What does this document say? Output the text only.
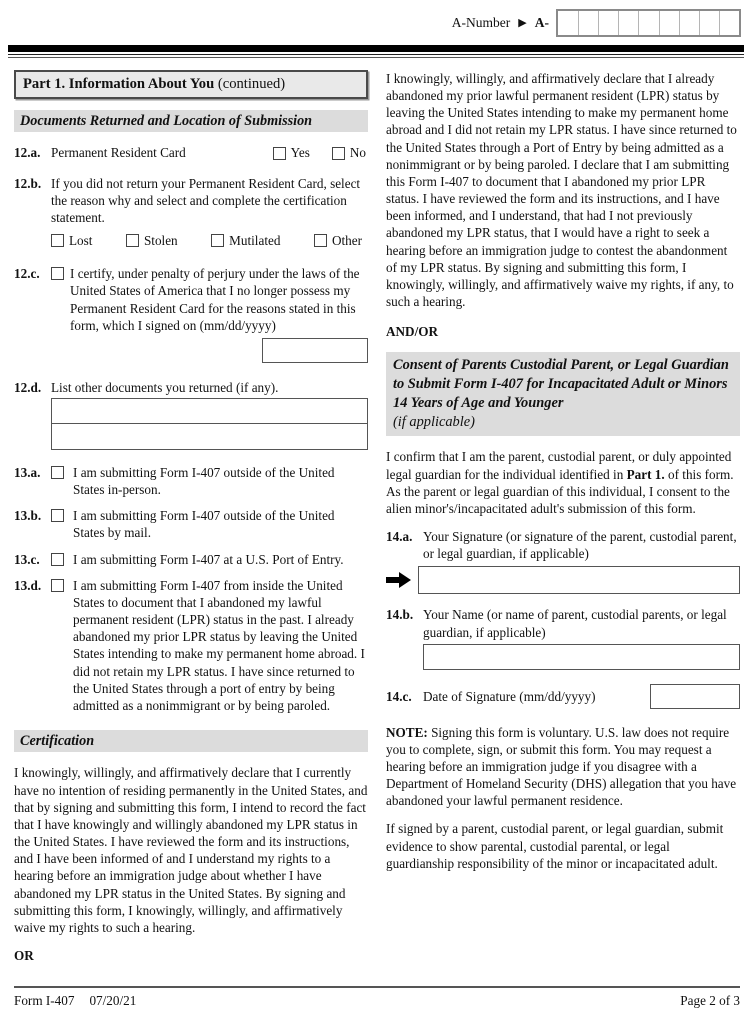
A-Number ▶ A-
Part 1. Information About You (continued)
Documents Returned and Location of Submission
12.a. Permanent Resident Card	Yes	No
12.b. If you did not return your Permanent Resident Card, select the reason why and select and complete the certification statement.
Lost	Stolen	Mutilated	Other
12.c.	I certify, under penalty of perjury under the laws of the United States of America that I no longer possess my Permanent Resident Card for the reasons stated in this form, which I signed on (mm/dd/yyyy)
12.d. List other documents you returned (if any).
13.a.	I am submitting Form I-407 outside of the United States in-person.
13.b.	I am submitting Form I-407 outside of the United States by mail.
13.c.	I am submitting Form I-407 at a U.S. Port of Entry.
13.d.	I am submitting Form I-407 from inside the United States to document that I abandoned my lawful permanent resident (LPR) status in the past. I already abandoned my prior LPR status by leaving the United States intending to make my permanent home abroad. I did not retain my LPR status. I have since returned to the United States through a port of entry by being admitted as a nonimmigrant or by being paroled.
Certification

I knowingly, willingly, and affirmatively declare that I currently have no intention of residing permanently in the United States, and that by signing and submitting this form, I intend to record the fact that I have knowingly and willingly abandoned my LPR status in the United States. I have reviewed the form and its instructions, and I have been informed of and I understand my rights to a hearing before an immigration judge about whether I have abandoned my LPR status in the United States. By signing and submitting this form, I knowingly, willingly, and affirmatively waive my rights to such a hearing.

OR

I knowingly, willingly, and affirmatively declare that I already abandoned my prior lawful permanent resident (LPR) status by leaving the United States intending to make my permanent home abroad and I did not retain my LPR status. I have since returned to the United States through a Port of Entry by being admitted as a nonimmigrant or by being paroled. I declare that I am submitting this Form I-407 to document that I abandoned my prior LPR status. I have reviewed the form and its instructions, and I have been informed, and I understand, that had I not previously abandoned my LPR status, that I would have a right to seek a hearing before an immigration judge to contest the abandonment of my LPR status. By signing and submitting this form, I knowingly, willingly, and affirmatively waive my rights, if any, to such a hearing.

AND/OR
Consent of Parents Custodial Parent, or Legal Guardian to Submit Form I-407 for Incapacitated Adult or Minors 14 Years of Age and Younger
(if applicable)

I confirm that I am the parent, custodial parent, or duly appointed legal guardian for the individual identified in Part 1. of this form. As the parent or legal guardian of this individual, I consent to the alien minor's/incapacitated adult's submission of this form.

14.a. Your Signature (or signature of the parent, custodial parent, or legal guardian, if applicable)
14.b. Your Name (or name of parent, custodial parents, or legal guardian, if applicable)
14.c. Date of Signature (mm/dd/yyyy)

NOTE: Signing this form is voluntary. U.S. law does not require you to complete, sign, or submit this form. You may request a hearing before an immigration judge if you disagree with a Department of Homeland Security (DHS) allegation that you have abandoned your lawful permanent residence.

If signed by a parent, custodial parent, or legal guardian, submit evidence to show parental, custodial parental, or legal guardianship responsibility of the minor or incapacitated adult.

Form I-407 07/20/21	Page 2 of 3
